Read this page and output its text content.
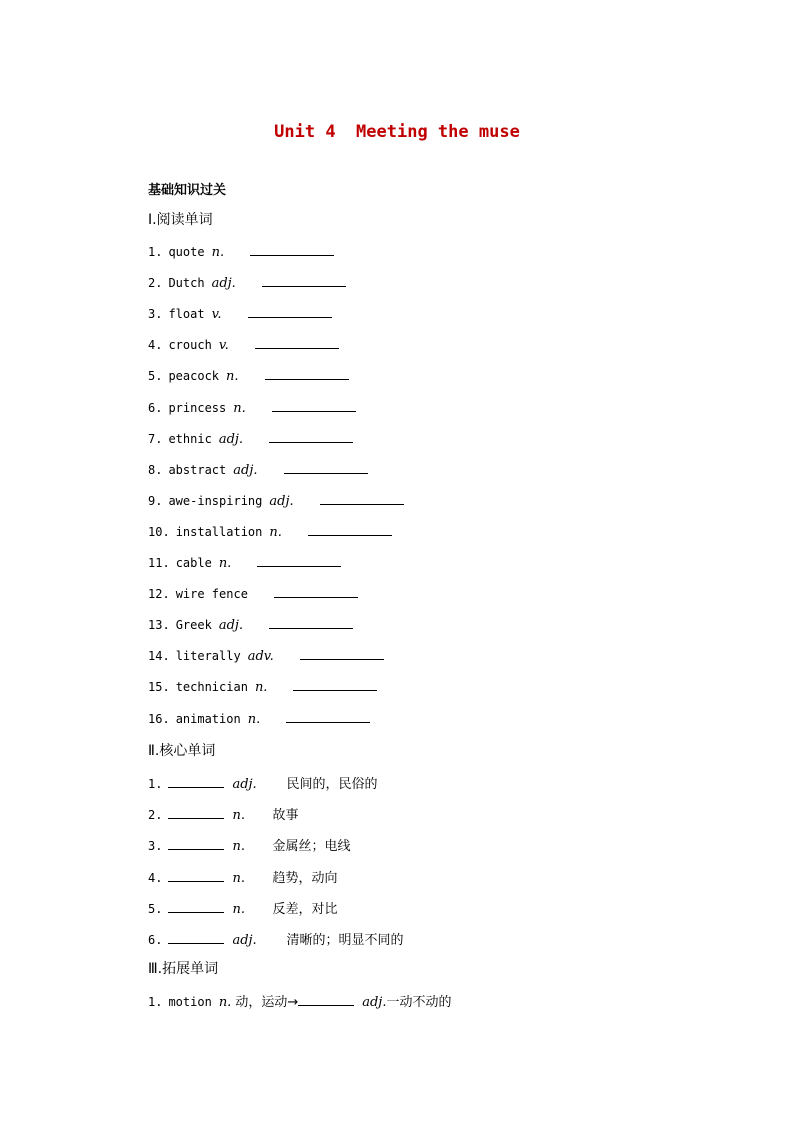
Unit 4  Meeting the muse
基础知识过关
Ⅰ.阅读单词
1. quote n.
2. Dutch adj.
3. float v.
4. crouch v.
5. peacock n.
6. princess n.
7. ethnic adj.
8. abstract adj.
9. awe-inspiring adj.
10. installation n.
11. cable n.
12. wire fence
13. Greek adj.
14. literally adv.
15. technician n.
16. animation n.
Ⅱ.核心单词
1.	adj.	民间的，民俗的
2.	n.	故事
3.	n.	金属丝；电线
4.	n.	趋势，动向
5.	n.	反差，对比
6.	adj.	清晰的；明显不同的
Ⅲ.拓展单词
1. motion n. 动，运动→	adj. 一动不动的
